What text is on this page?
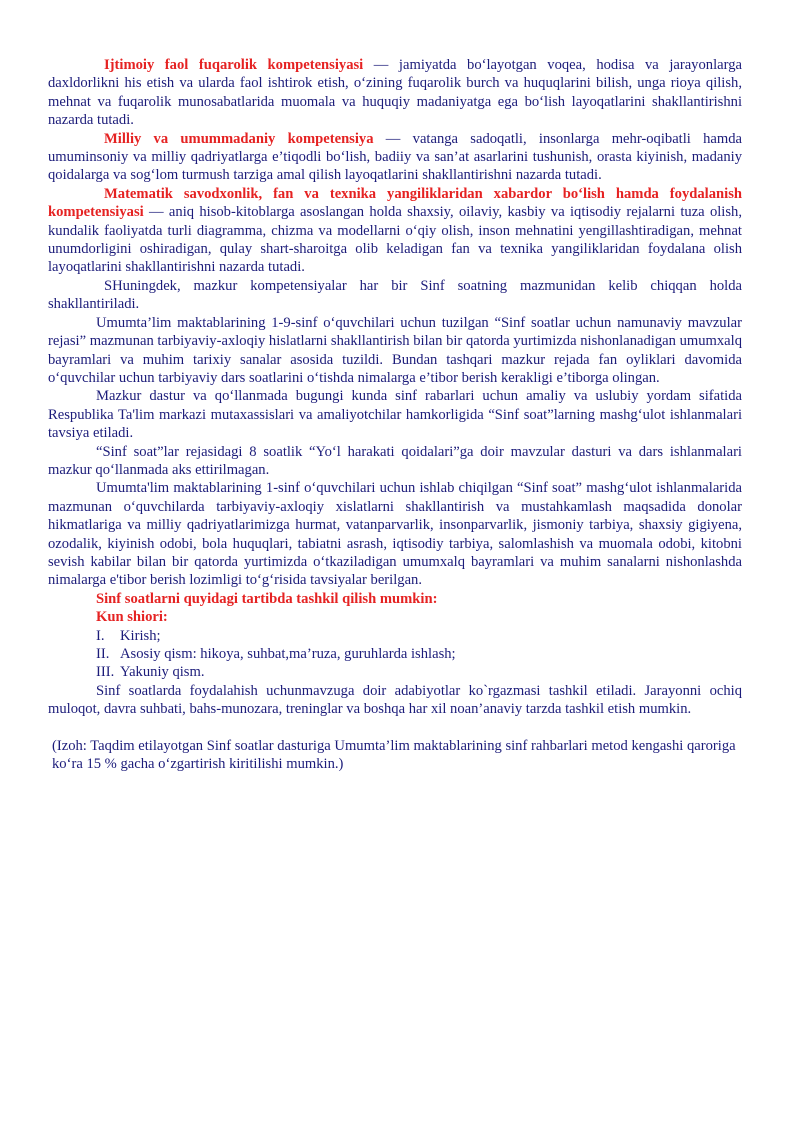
Ijtimoiy faol fuqarolik kompetensiyasi — jamiyatda bo‘layotgan voqea, hodisa va jarayonlarga daxldorlikni his etish va ularda faol ishtirok etish, o‘zining fuqarolik burch va huquqlarini bilish, unga rioya qilish, mehnat va fuqarolik munosabatlarida muomala va huquqiy madaniyatga ega bo‘lish layoqatlarini shakllantirishni nazarda tutadi.

Milliy va umummadaniy kompetensiya — vatanga sadoqatli, insonlarga mehr-oqibatli hamda umuminsoniy va milliy qadriyatlarga e’tiqodli bo‘lish, badiiy va san’at asarlarini tushunish, orasta kiyinish, madaniy qoidalarga va sog‘lom turmush tarziga amal qilish layoqatlarini shakllantirishni nazarda tutadi.

Matematik savodxonlik, fan va texnika yangiliklaridan xabardor bo‘lish hamda foydalanish kompetensiyasi — aniq hisob-kitoblarga asoslangan holda shaxsiy, oilaviy, kasbiy va iqtisodiy rejalarni tuza olish, kundalik faoliyatda turli diagramma, chizma va modellarni o‘qiy olish, inson mehnatini yengillashtiradigan, mehnat unumdorligini oshiradigan, qulay shart-sharoitga olib keladigan fan va texnika yangiliklaridan foydalana olish layoqatlarini shakllantirishni nazarda tutadi.

SHuningdek, mazkur kompetensiyalar har bir Sinf soatning mazmunidan kelib chiqqan holda shakllantiriladi.

Umumta’lim maktablarining 1-9-sinf o‘quvchilari uchun tuzilgan “Sinf soatlar uchun namunaviy mavzular rejasi” mazmunan tarbiyaviy-axloqiy hislatlarni shakllantirish bilan bir qatorda yurtimizda nishonlanadigan umumxalq bayramlari va muhim tarixiy sanalar asosida tuzildi. Bundan tashqari mazkur rejada fan oyliklari davomida o‘quvchilar uchun tarbiyaviy dars soatlarini o‘tishda nimalarga e’tibor berish kerakligi e’tiborga olingan.

Mazkur dastur va qo‘llanmada bugungi kunda sinf rabarlari uchun amaliy va uslubiy yordam sifatida Respublika Ta'lim markazi mutaxassislari va amaliyotchilar hamkorligida “Sinf soat”larning mashg‘ulot ishlanmalari tavsiya etiladi.

“Sinf soat”lar rejasidagi 8 soatlik “Yo‘l harakati qoidalari”ga doir mavzular dasturi va dars ishlanmalari mazkur qo‘llanmada aks ettirilmagan.

Umumta'lim maktablarining 1-sinf o‘quvchilari uchun ishlab chiqilgan “Sinf soat” mashg‘ulot ishlanmalarida mazmunan o‘quvchilarda tarbiyaviy-axloqiy xislatlarni shakllantirish va mustahkamlash maqsadida donolar hikmatlariga va milliy qadriyatlarimizga hurmat, vatanparvarlik, insonparvarlik, jismoniy tarbiya, shaxsiy gigiyena, ozodalik, kiyinish odobi, bola huquqlari, tabiatni asrash, iqtisodiy tarbiya, salomlashish va muomala odobi, kitobni sevish kabilar bilan bir qatorda yurtimizda o‘tkaziladigan umumxalq bayramlari va muhim sanalarni nishonlashda nimalarga e'tibor berish lozimligi to‘g‘risida tavsiyalar berilgan.

Sinf soatlarni quyidagi tartibda tashkil qilish mumkin:

Kun shiori:

I. Kirish;
II. Asosiy qism: hikoya, suhbat,ma’ruza, guruhlarda ishlash;
III. Yakuniy qism.

Sinf soatlarda foydalahish uchunmavzuga doir adabiyotlar ko`rgazmasi tashkil etiladi. Jarayonni ochiq muloqot, davra suhbati, bahs-munozara, treninglar va boshqa har xil noan’anaviy tarzda tashkil etish mumkin.

(Izoh: Taqdim etilayotgan Sinf soatlar dasturiga Umumta’lim maktablarining sinf rahbarlari metod kengashi qaroriga ko‘ra 15 % gacha o‘zgartirish kiritilishi mumkin.)
